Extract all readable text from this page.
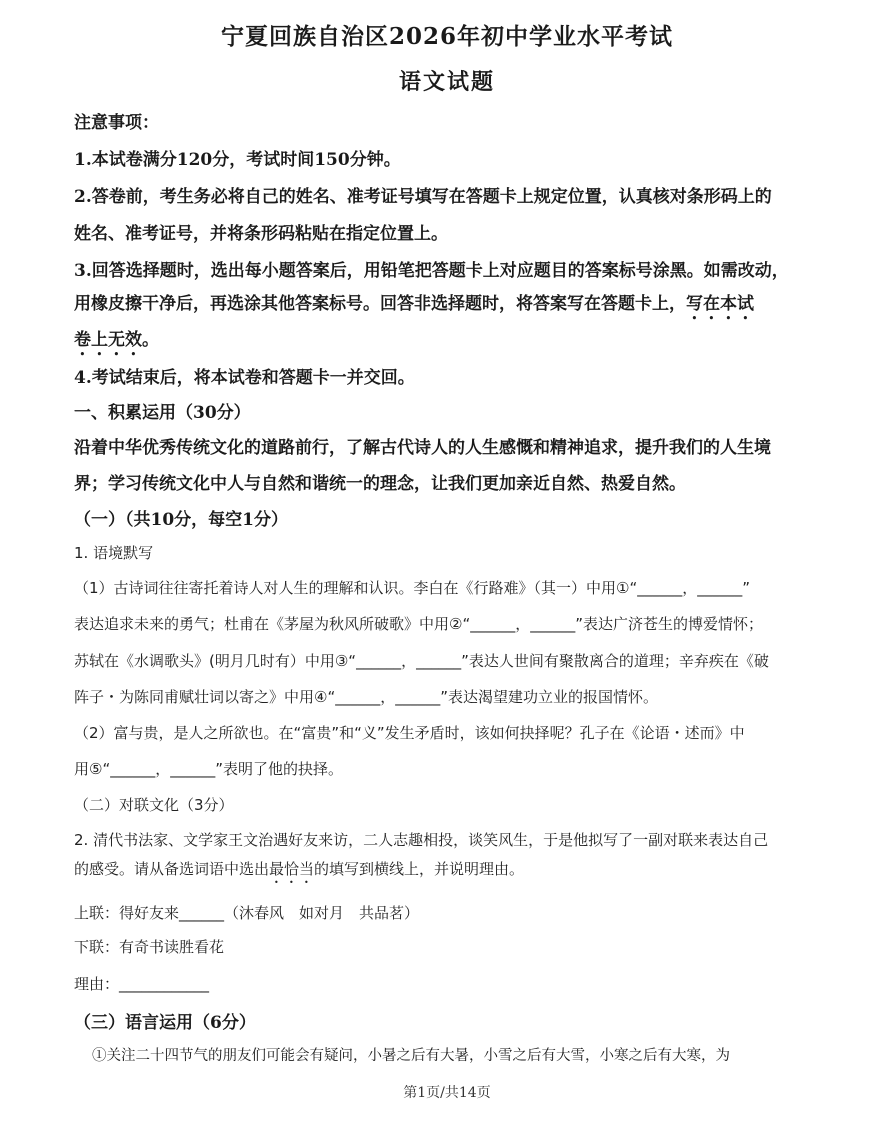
宁夏回族自治区2026年初中学业水平考试
语文试题
注意事项：
1.本试卷满分120分，考试时间150分钟。
2.答卷前，考生务必将自己的姓名、准考证号填写在答题卡上规定位置，认真核对条形码上的
姓名、准考证号，并将条形码粘贴在指定位置上。
3.回答选择题时，选出每小题答案后，用铅笔把答题卡上对应题目的答案标号涂黑。如需改动，
用橡皮擦干净后，再选涂其他答案标号。回答非选择题时，将答案写在答题卡上，写在本试
卷上无效。
4.考试结束后，将本试卷和答题卡一并交回。
一、积累运用（30分）
沿着中华优秀传统文化的道路前行，了解古代诗人的人生感慨和精神追求，提升我们的人生境
界；学习传统文化中人与自然和谐统一的理念，让我们更加亲近自然、热爱自然。
（一）（共10分，每空1分）
1. 语境默写
（1）古诗词往往寄托着诗人对人生的理解和认识。李白在《行路难》（其一）中用①“______，______”
表达追求未来的勇气；杜甫在《茅屋为秋风所破歌》中用②“______，______”表达广济苍生的博爱情怀；
苏轼在《水调歌头》(明月几时有）中用③“______，______”表达人世间有聚散离合的道理；辛弃疾在《破
阵子・为陈同甫赋壮词以寄之》中用④“______，______”表达渴望建功立业的报国情怀。
（2）富与贵，是人之所欲也。在“富贵”和“义”发生矛盾时，该如何抉择呢？孔子在《论语・述而》中
用⑤“______，______”表明了他的抉择。
（二）对联文化（3分）
2. 清代书法家、文学家王文治遇好友来访，二人志趣相投，谈笑风生，于是他拟写了一副对联来表达自己
的感受。请从备选词语中选出最恰当的填写到横线上，并说明理由。
上联：得好友来______（沐春风　如对月　共品茗）
下联：有奇书读胜看花
理由：____________
（三）语言运用（6分）
①关注二十四节气的朋友们可能会有疑问，小暑之后有大暑，小雪之后有大雪，小寒之后有大寒，为
第1页/共14页
